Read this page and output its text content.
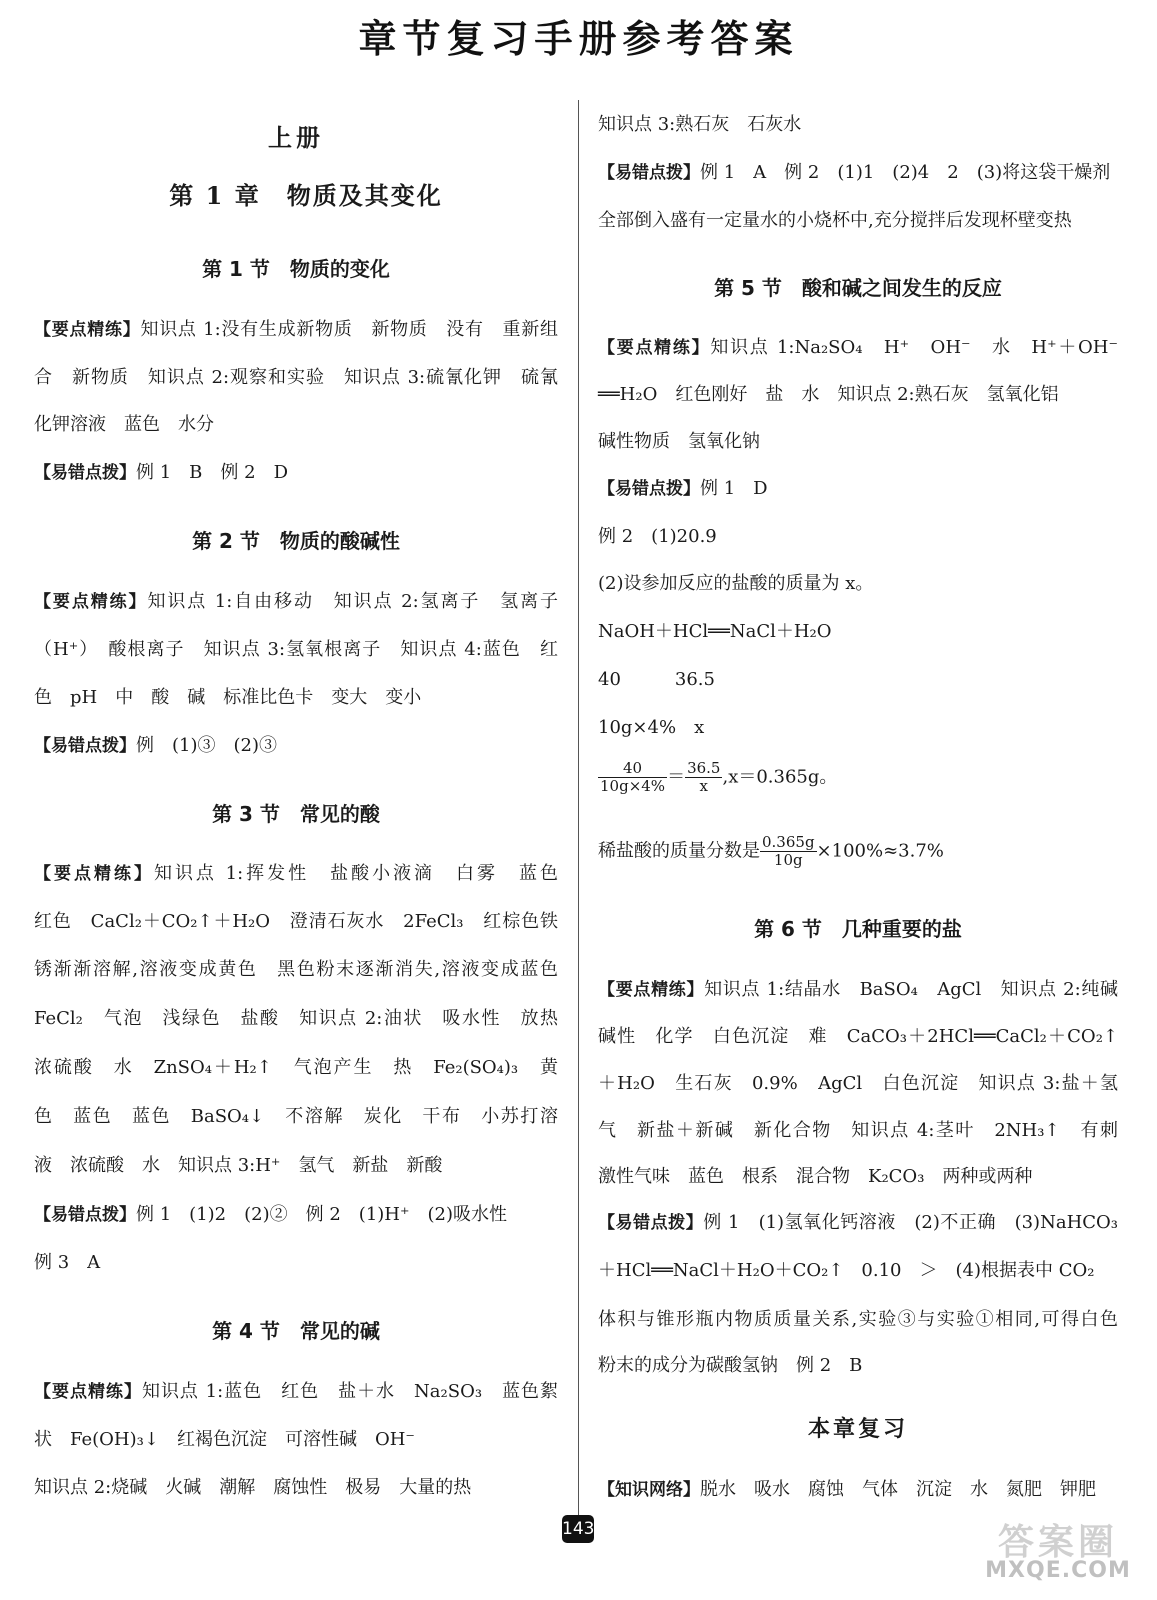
章节复习手册参考答案
上册
第 1 章　物质及其变化
第 1 节　物质的变化
【要点精练】知识点 1:没有生成新物质　新物质　没有　重新组
合　新物质　知识点 2:观察和实验　知识点 3:硫氰化钾　硫氰
化钾溶液　蓝色　水分
【易错点拨】例 1　B　例 2　D
第 2 节　物质的酸碱性
【要点精练】知识点 1:自由移动　知识点 2:氢离子　氢离子
（H⁺）　酸根离子　知识点 3:氢氧根离子　知识点 4:蓝色　红
色　pH　中　酸　碱　标准比色卡　变大　变小
【易错点拨】例　(1)③　(2)③
第 3 节　常见的酸
【要点精练】知识点 1:挥发性　盐酸小液滴　白雾　蓝色
红色　CaCl₂＋CO₂↑＋H₂O　澄清石灰水　2FeCl₃　红棕色铁
锈渐渐溶解,溶液变成黄色　黑色粉末逐渐消失,溶液变成蓝色
FeCl₂　气泡　浅绿色　盐酸　知识点 2:油状　吸水性　放热
浓硫酸　水　ZnSO₄＋H₂↑　气泡产生　热　Fe₂(SO₄)₃　黄
色　蓝色　蓝色　BaSO₄↓　不溶解　炭化　干布　小苏打溶
液　浓硫酸　水　知识点 3:H⁺　氢气　新盐　新酸
【易错点拨】例 1　(1)2　(2)②　例 2　(1)H⁺　(2)吸水性
例 3　A
第 4 节　常见的碱
【要点精练】知识点 1:蓝色　红色　盐＋水　Na₂SO₃　蓝色絮
状　Fe(OH)₃↓　红褐色沉淀　可溶性碱　OH⁻
知识点 2:烧碱　火碱　潮解　腐蚀性　极易　大量的热
知识点 3:熟石灰　石灰水
【易错点拨】例 1　A　例 2　(1)1　(2)4　2　(3)将这袋干燥剂
全部倒入盛有一定量水的小烧杯中,充分搅拌后发现杯壁变热
第 5 节　酸和碱之间发生的反应
【要点精练】知识点 1:Na₂SO₄　H⁺　OH⁻　水　H⁺＋OH⁻
══H₂O　红色刚好　盐　水　知识点 2:熟石灰　氢氧化铝
碱性物质　氢氧化钠
【易错点拨】例 1　D
例 2　(1)20.9
(2)设参加反应的盐酸的质量为 x。
NaOH＋HCl══NaCl＋H₂O
40　　　36.5
10g×4%　x
$\frac{40}{10g\times 4\%} = \frac{36.5}{x} ,x=0.365g$。
稀盐酸的质量分数是 $\frac{0.365g}{10g} \times 100\%\approx 3.7\%$
第 6 节　几种重要的盐
【要点精练】知识点 1:结晶水　BaSO₄　AgCl　知识点 2:纯碱
碱性　化学　白色沉淀　难　CaCO₃＋2HCl══CaCl₂＋CO₂↑
＋H₂O　生石灰　0.9%　AgCl　白色沉淀　知识点 3:盐＋氢
气　新盐＋新碱　新化合物　知识点 4:茎叶　2NH₃↑　有刺
激性气味　蓝色　根系　混合物　K₂CO₃　两种或两种
【易错点拨】例 1　(1)氢氧化钙溶液　(2)不正确　(3)NaHCO₃
＋HCl══NaCl＋H₂O＋CO₂↑　0.10　＞　(4)根据表中 CO₂
体积与锥形瓶内物质质量关系,实验③与实验①相同,可得白色
粉末的成分为碳酸氢钠　例 2　B
本章复习
【知识网络】脱水　吸水　腐蚀　气体　沉淀　水　氮肥　钾肥
143	答案圈
MXQE.COM
